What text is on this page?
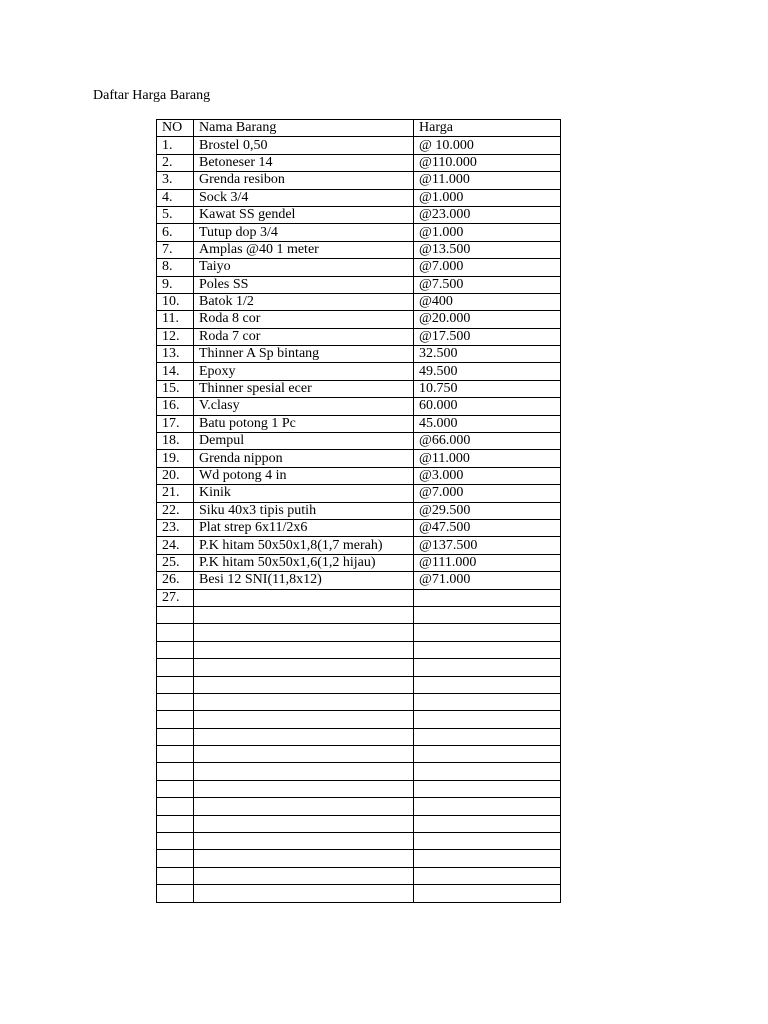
Daftar Harga Barang
NO	Nama Barang	Harga
1.	Brostel 0,50	@ 10.000
2.	Betoneser 14	@110.000
3.	Grenda resibon	@11.000
4.	Sock 3/4	@1.000
5.	Kawat SS gendel	@23.000
6.	Tutup dop 3/4	@1.000
7.	Amplas @40 1 meter	@13.500
8.	Taiyo	@7.000
9.	Poles SS	@7.500
10.	Batok 1/2	@400
11.	Roda 8 cor	@20.000
12.	Roda 7 cor	@17.500
13.	Thinner A Sp bintang	32.500
14.	Epoxy	49.500
15.	Thinner spesial ecer	10.750
16.	V.clasy	60.000
17.	Batu potong 1 Pc	45.000
18.	Dempul	@66.000
19.	Grenda nippon	@11.000
20.	Wd potong 4 in	@3.000
21.	Kinik	@7.000
22.	Siku 40x3 tipis putih	@29.500
23.	Plat strep 6x11/2x6	@47.500
24.	P.K hitam 50x50x1,8(1,7 merah)	@137.500
25.	P.K hitam 50x50x1,6(1,2 hijau)	@111.000
26.	Besi 12 SNI(11,8x12)	@71.000
27.		
